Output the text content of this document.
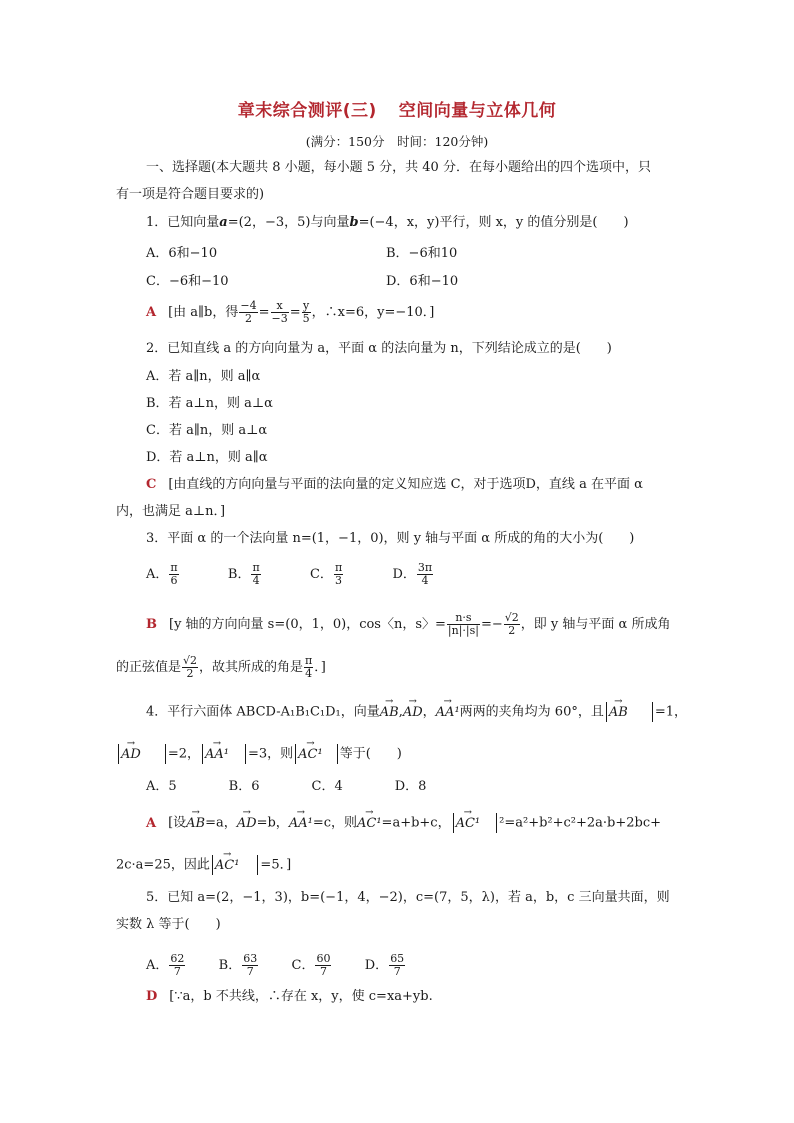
章末综合测评(三) 空间向量与立体几何
(满分：150分　时间：120分钟)
一、选择题(本大题共 8 小题，每小题 5 分，共 40 分．在每小题给出的四个选项中，只
有一项是符合题目要求的)
1．已知向量a=(2，−3，5)与向量b=(−4，x，y)平行，则 x，y 的值分别是(　　)
A．6和−10	B．−6和10
C．−6和−10	D．6和−10
A [由 a∥b，得 $\frac{-4}{2} = \frac{x}{-3} = \frac{y}{5}$ ，∴x=6，y=−10．]
2．已知直线 a 的方向向量为 a，平面 α 的法向量为 n，下列结论成立的是(　　)
A．若 a∥n，则 a∥α
B．若 a⊥n，则 a⊥α
C．若 a∥n，则 a⊥α
D．若 a⊥n，则 a∥α
C [由直线的方向向量与平面的法向量的定义知应选 C，对于选项D，直线 a 在平面 α
内，也满足 a⊥n．]
3．平面 α 的一个法向量 n=(1，−1，0)，则 y 轴与平面 α 所成的角的大小为(　　)
A． $\frac{\pi}{6}$	B． $\frac{\pi}{4}$	C． $\frac{\pi}{3}$	D． $\frac{3\pi}{4}$
B [y 轴的方向向量 s=(0，1，0)，cos〈n，s〉= $\frac{n\cdot s}{|n|\cdot|s|} =- \frac{√2}{2}$ ，即 y 轴与平面 α 所成角
的正弦值是 $\frac{√2}{2}$ ，故其所成的角是 $\frac{\pi}{4}$ ．]
4．平行六面体 ABCD-A₁B₁C₁D₁，向量→ AB,→ AD，→ AA¹两两的夹角均为 60°，且 → AB =1，
→ AD =2， → AA¹ =3，则 → AC¹ 等于(　　)
A．5	B．6	C．4	D．8
A [设→ AB=a，→ AD=b，→ AA¹=c，则→ AC¹=a+b+c， → AC¹ ²=a²+b²+c²+2a·b+2bc+
2c·a=25，因此 → AC¹ =5．]
5．已知 a=(2，−1，3)，b=(−1，4，−2)，c=(7，5，λ)，若 a，b，c 三向量共面，则
实数 λ 等于(　　)
A． $\frac{62}{7}$	B． $\frac{63}{7}$	C． $\frac{60}{7}$	D． $\frac{65}{7}$
D [∵a，b 不共线，∴存在 x，y，使 c=xa+yb.
